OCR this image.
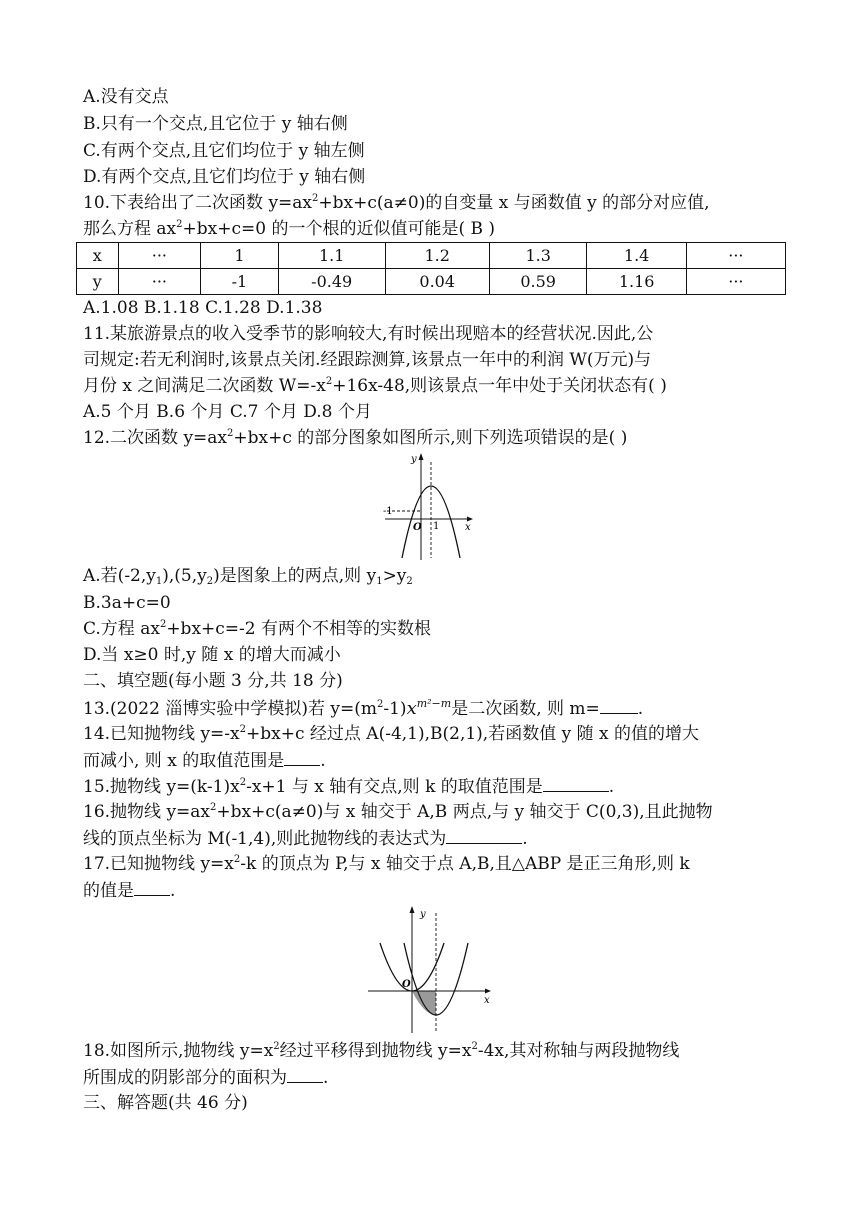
A.没有交点
B.只有一个交点,且它位于 y 轴右侧
C.有两个交点,且它们均位于 y 轴左侧
D.有两个交点,且它们均位于 y 轴右侧
10.下表给出了二次函数 $y=ax^2+bx+c(a\ne 0)$的自变量 x 与函数值 y 的部分对应值,
那么方程 $ax^2+bx+c=0$ 的一个根的近似值可能是( B )
x	···	1	1.1	1.2	1.3	1.4	···
y	···	-1	-0.49	0.04	0.59	1.16	···
A.1.08 B.1.18 C.1.28 D.1.38
11.某旅游景点的收入受季节的影响较大,有时候出现赔本的经营状况.因此,公
司规定:若无利润时,该景点关闭.经跟踪测算,该景点一年中的利润 W(万元)与
月份 x 之间满足二次函数 $W=-x^2+16x-48$,则该景点一年中处于关闭状态有( )
A.5 个月 B.6 个月 C.7 个月 D.8 个月
12.二次函数 $y=ax^2+bx+c$ 的部分图象如图所示,则下列选项错误的是( )
y
x
O 1
-1
A.若$(-2,y_1),(5,y_2)$是图象上的两点,则 $y_1>y_2$
B.3a+c=0
C.方程 $ax^2+bx+c=-2$ 有两个不相等的实数根
D.当 x≥0 时,y 随 x 的增大而减小
二、填空题(每小题 3 分,共 18 分)
13.(2022 淄博实验中学模拟)若 $y=(m^2-1)x^{m^2-m}$是二次函数, 则 m= .
14.已知抛物线 $y=-x^2+bx+c$ 经过点 A(-4,1),B(2,1),若函数值 y 随 x 的值的增大
而减小, 则 x 的取值范围是 .
15.抛物线 $y=(k-1)x^2-x+1$ 与 x 轴有交点,则 k 的取值范围是	.
16.抛物线 $y=ax^2+bx+c(a\ne 0)$与 x 轴交于 A,B 两点,与 y 轴交于 C(0,3),且此抛物
线的顶点坐标为 M(-1,4),则此抛物线的表达式为	.
17.已知抛物线 $y=x^2-k$ 的顶点为 P,与 x 轴交于点 A,B,且△ABP 是正三角形,则 k
的值是 .
y
x
O
18.如图所示,抛物线 $y=x^2$经过平移得到抛物线 $y=x^2-4x$,其对称轴与两段抛物线
所围成的阴影部分的面积为 .
三、解答题(共 46 分)
